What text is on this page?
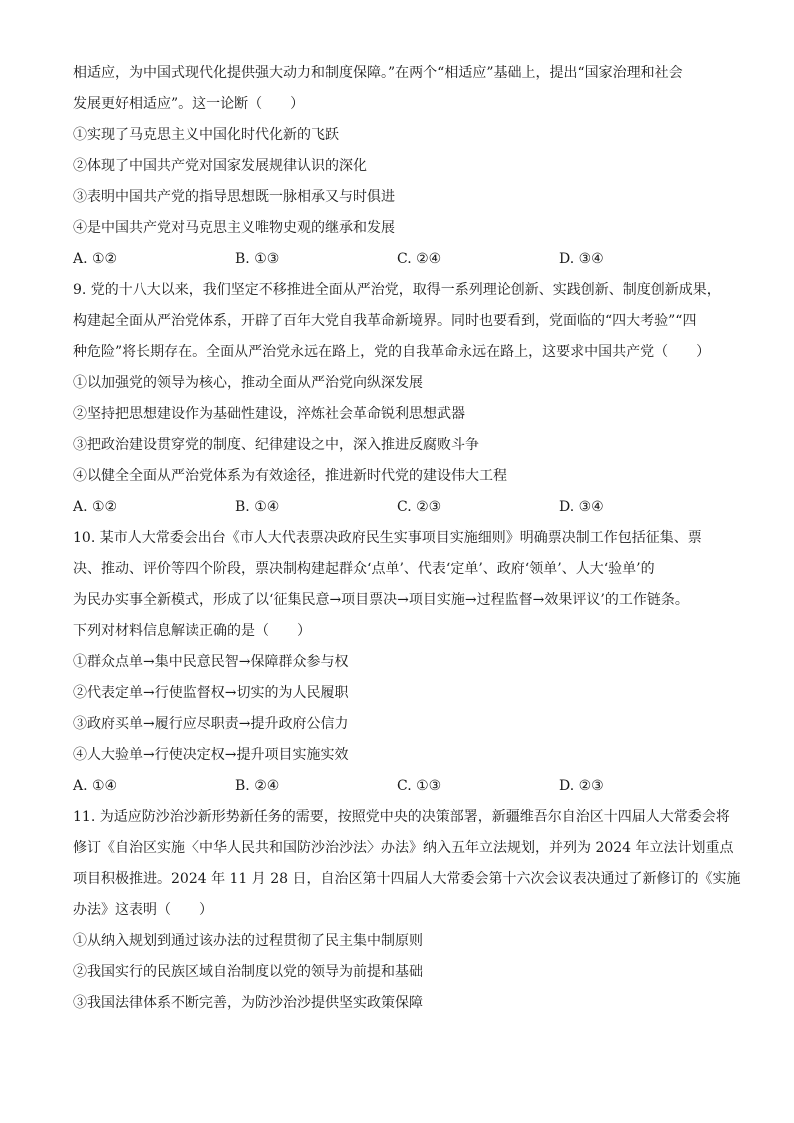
相适应，为中国式现代化提供强大动力和制度保障。”在两个“相适应”基础上，提出“国家治理和社会
发展更好相适应”。这一论断（　　）
①实现了马克思主义中国化时代化新的飞跃
②体现了中国共产党对国家发展规律认识的深化
③表明中国共产党的指导思想既一脉相承又与时俱进
④是中国共产党对马克思主义唯物史观的继承和发展
A. ①②	B. ①③	C. ②④	D. ③④
9. 党的十八大以来，我们坚定不移推进全面从严治党，取得一系列理论创新、实践创新、制度创新成果，
构建起全面从严治党体系，开辟了百年大党自我革命新境界。同时也要看到，党面临的“四大考验”“四
种危险”将长期存在。全面从严治党永远在路上，党的自我革命永远在路上，这要求中国共产党（　　）
①以加强党的领导为核心，推动全面从严治党向纵深发展
②坚持把思想建设作为基础性建设，淬炼社会革命锐利思想武器
③把政治建设贯穿党的制度、纪律建设之中，深入推进反腐败斗争
④以健全全面从严治党体系为有效途径，推进新时代党的建设伟大工程
A. ①②	B. ①④	C. ②③	D. ③④
10. 某市人大常委会出台《市人大代表票决政府民生实事项目实施细则》明确票决制工作包括征集、票
决、推动、评价等四个阶段，票决制构建起群众‘点单’、代表‘定单’、政府‘领单’、人大‘验单’的
为民办实事全新模式，形成了以‘征集民意→项目票决→项目实施→过程监督→效果评议’的工作链条。
下列对材料信息解读正确的是（　　）
①群众点单→集中民意民智→保障群众参与权
②代表定单→行使监督权→切实的为人民履职
③政府买单→履行应尽职责→提升政府公信力
④人大验单→行使决定权→提升项目实施实效
A. ①④	B. ②④	C. ①③	D. ②③
11. 为适应防沙治沙新形势新任务的需要，按照党中央的决策部署，新疆维吾尔自治区十四届人大常委会将
修订《自治区实施〈中华人民共和国防沙治沙法〉办法》纳入五年立法规划，并列为 2024 年立法计划重点
项目积极推进。2024 年 11 月 28 日，自治区第十四届人大常委会第十六次会议表决通过了新修订的《实施
办法》这表明（　　）
①从纳入规划到通过该办法的过程贯彻了民主集中制原则
②我国实行的民族区域自治制度以党的领导为前提和基础
③我国法律体系不断完善，为防沙治沙提供坚实政策保障
